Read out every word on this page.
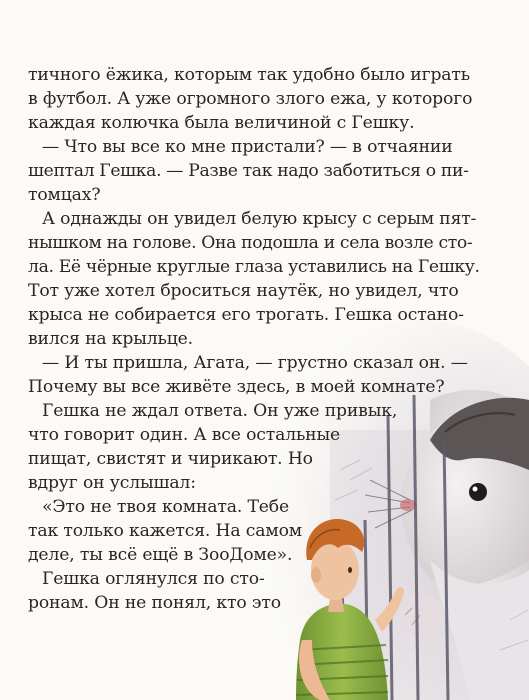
тичного ёжика, которым так удобно было играть
в футбол. А уже огромного злого ежа, у которого
каждая колючка была величиной с Гешку.
— Что вы все ко мне пристали? — в отчаянии
шептал Гешка. — Разве так надо заботиться о пи-
томцах?
А однажды он увидел белую крысу с серым пят-
нышком на голове. Она подошла и села возле сто-
ла. Её чёрные круглые глаза уставились на Гешку.
Тот уже хотел броситься наутёк, но увидел, что
крыса не собирается его трогать. Гешка остано-
вился на крыльце.
— И ты пришла, Агата, — грустно сказал он. —
Почему вы все живёте здесь, в моей комнате?
Гешка не ждал ответа. Он уже привык,
что говорит один. А все остальные
пищат, свистят и чирикают. Но
вдруг он услышал:
«Это не твоя комната. Тебе
так только кажется. На самом
деле, ты всё ещё в ЗооДоме».
Гешка оглянулся по сто-
ронам. Он не понял, кто это
